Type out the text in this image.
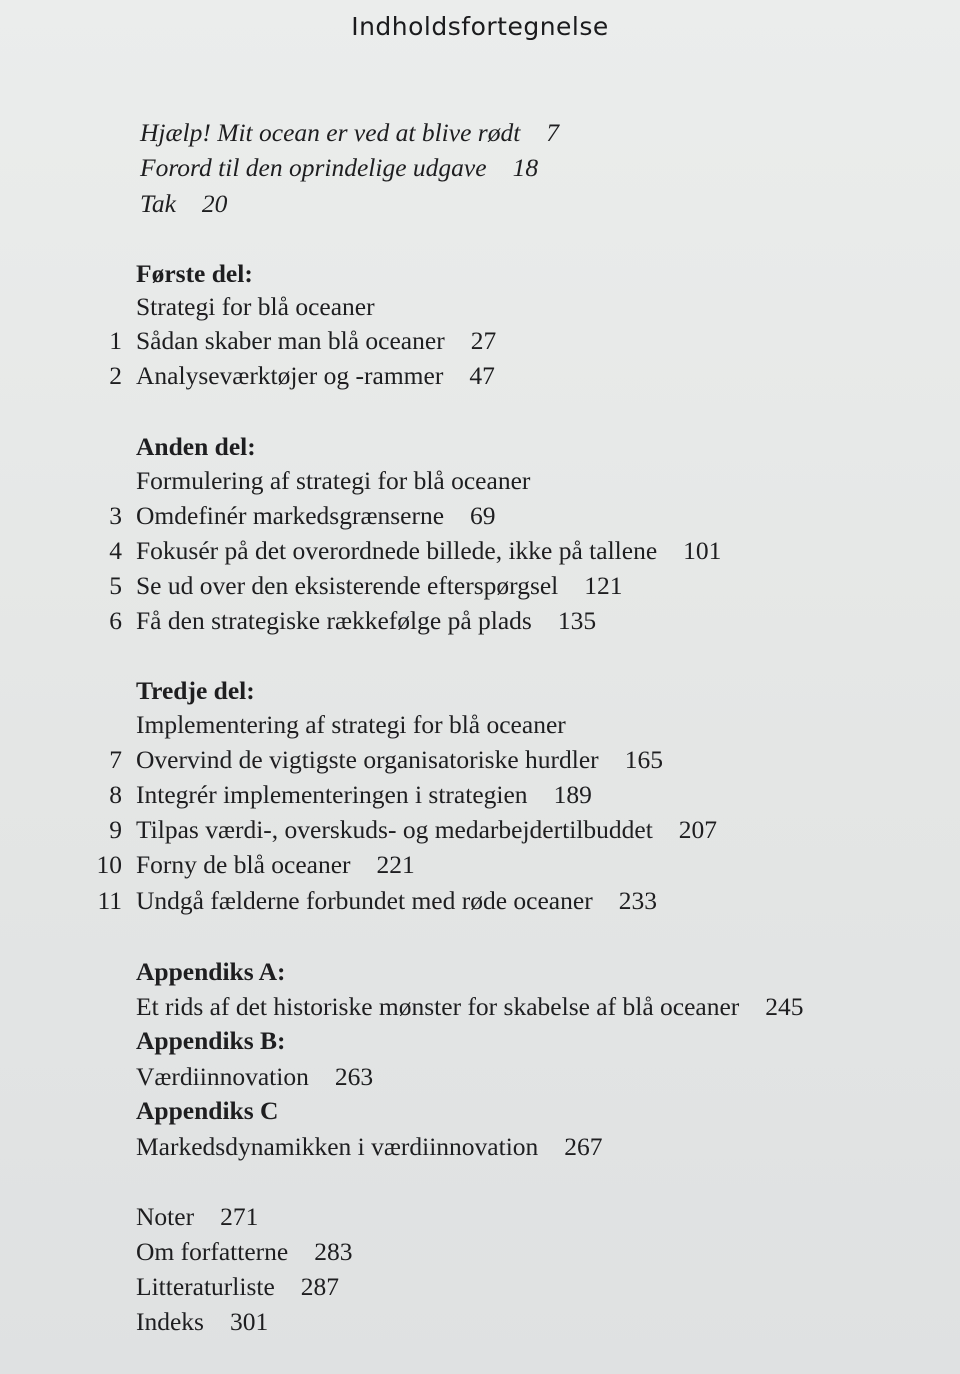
Indholdsfortegnelse
Hjælp! Mit ocean er ved at blive rødt 7
Forord til den oprindelige udgave 18
Tak 20
Første del:
Strategi for blå oceaner
1 Sådan skaber man blå oceaner 27
2 Analyseværktøjer og -rammer 47
Anden del:
Formulering af strategi for blå oceaner
3 Omdefinér markedsgrænserne 69
4 Fokusér på det overordnede billede, ikke på tallene 101
5 Se ud over den eksisterende efterspørgsel 121
6 Få den strategiske rækkefølge på plads 135
Tredje del:
Implementering af strategi for blå oceaner
7 Overvind de vigtigste organisatoriske hurdler 165
8 Integrér implementeringen i strategien 189
9 Tilpas værdi-, overskuds- og medarbejdertilbuddet 207
10 Forny de blå oceaner 221
11 Undgå fælderne forbundet med røde oceaner 233
Appendiks A:
Et rids af det historiske mønster for skabelse af blå oceaner 245
Appendiks B:
Værdiinnovation 263
Appendiks C
Markedsdynamikken i værdiinnovation 267
Noter 271
Om forfatterne 283
Litteraturliste 287
Indeks 301
